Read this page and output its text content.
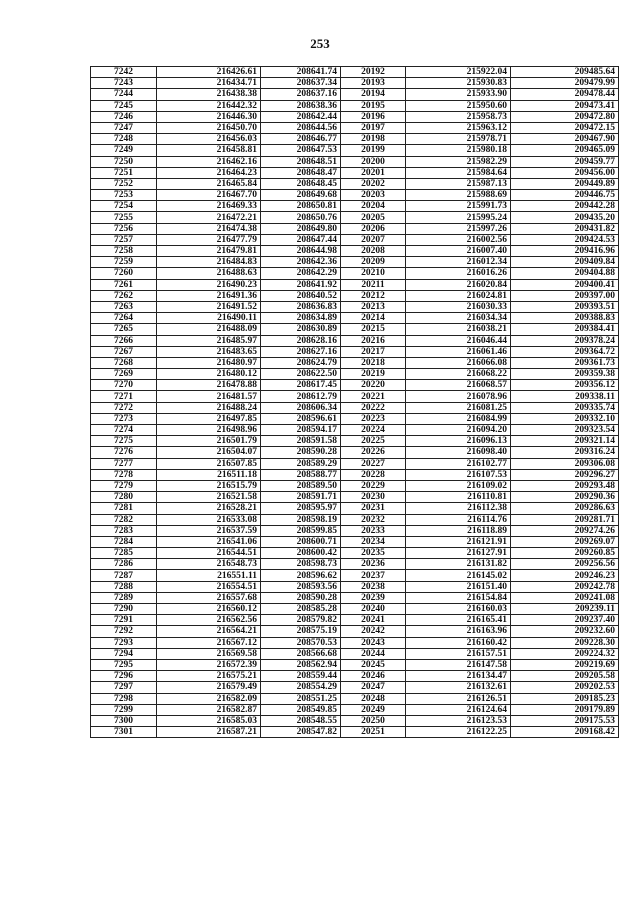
253
7242	216426.61	208641.74	20192	215922.04	209485.64
7243	216434.71	208637.34	20193	215930.83	209479.99
7244	216438.38	208637.16	20194	215933.90	209478.44
7245	216442.32	208638.36	20195	215950.60	209473.41
7246	216446.30	208642.44	20196	215958.73	209472.80
7247	216450.70	208644.56	20197	215963.12	209472.15
7248	216456.03	208646.77	20198	215978.71	209467.90
7249	216458.81	208647.53	20199	215980.18	209465.09
7250	216462.16	208648.51	20200	215982.29	209459.77
7251	216464.23	208648.47	20201	215984.64	209456.00
7252	216465.84	208648.45	20202	215987.13	209449.89
7253	216467.70	208649.68	20203	215988.69	209446.75
7254	216469.33	208650.81	20204	215991.73	209442.28
7255	216472.21	208650.76	20205	215995.24	209435.20
7256	216474.38	208649.80	20206	215997.26	209431.82
7257	216477.79	208647.44	20207	216002.56	209424.53
7258	216479.81	208644.98	20208	216007.40	209416.96
7259	216484.83	208642.36	20209	216012.34	209409.84
7260	216488.63	208642.29	20210	216016.26	209404.88
7261	216490.23	208641.92	20211	216020.84	209400.41
7262	216491.36	208640.52	20212	216024.81	209397.00
7263	216491.52	208636.83	20213	216030.33	209393.51
7264	216490.11	208634.89	20214	216034.34	209388.83
7265	216488.09	208630.89	20215	216038.21	209384.41
7266	216485.97	208628.16	20216	216046.44	209378.24
7267	216483.65	208627.16	20217	216061.46	209364.72
7268	216480.97	208624.79	20218	216066.08	209361.73
7269	216480.12	208622.50	20219	216068.22	209359.38
7270	216478.88	208617.45	20220	216068.57	209356.12
7271	216481.57	208612.79	20221	216078.96	209338.11
7272	216488.24	208606.34	20222	216081.25	209335.74
7273	216497.85	208596.61	20223	216084.99	209332.10
7274	216498.96	208594.17	20224	216094.20	209323.54
7275	216501.79	208591.58	20225	216096.13	209321.14
7276	216504.07	208590.28	20226	216098.40	209316.24
7277	216507.85	208589.29	20227	216102.77	209306.08
7278	216511.18	208588.77	20228	216107.53	209296.27
7279	216515.79	208589.50	20229	216109.02	209293.48
7280	216521.58	208591.71	20230	216110.81	209290.36
7281	216528.21	208595.97	20231	216112.38	209286.63
7282	216533.08	208598.19	20232	216114.76	209281.71
7283	216537.59	208599.85	20233	216118.89	209274.26
7284	216541.06	208600.71	20234	216121.91	209269.07
7285	216544.51	208600.42	20235	216127.91	209260.85
7286	216548.73	208598.73	20236	216131.82	209256.56
7287	216551.11	208596.62	20237	216145.02	209246.23
7288	216554.51	208593.56	20238	216151.40	209242.78
7289	216557.68	208590.28	20239	216154.84	209241.08
7290	216560.12	208585.28	20240	216160.03	209239.11
7291	216562.56	208579.82	20241	216165.41	209237.40
7292	216564.21	208575.19	20242	216163.96	209232.60
7293	216567.12	208570.53	20243	216160.42	209228.30
7294	216569.58	208566.68	20244	216157.51	209224.32
7295	216572.39	208562.94	20245	216147.58	209219.69
7296	216575.21	208559.44	20246	216134.47	209205.58
7297	216579.49	208554.29	20247	216132.61	209202.53
7298	216582.09	208551.25	20248	216126.51	209185.23
7299	216582.87	208549.85	20249	216124.64	209179.89
7300	216585.03	208548.55	20250	216123.53	209175.53
7301	216587.21	208547.82	20251	216122.25	209168.42
